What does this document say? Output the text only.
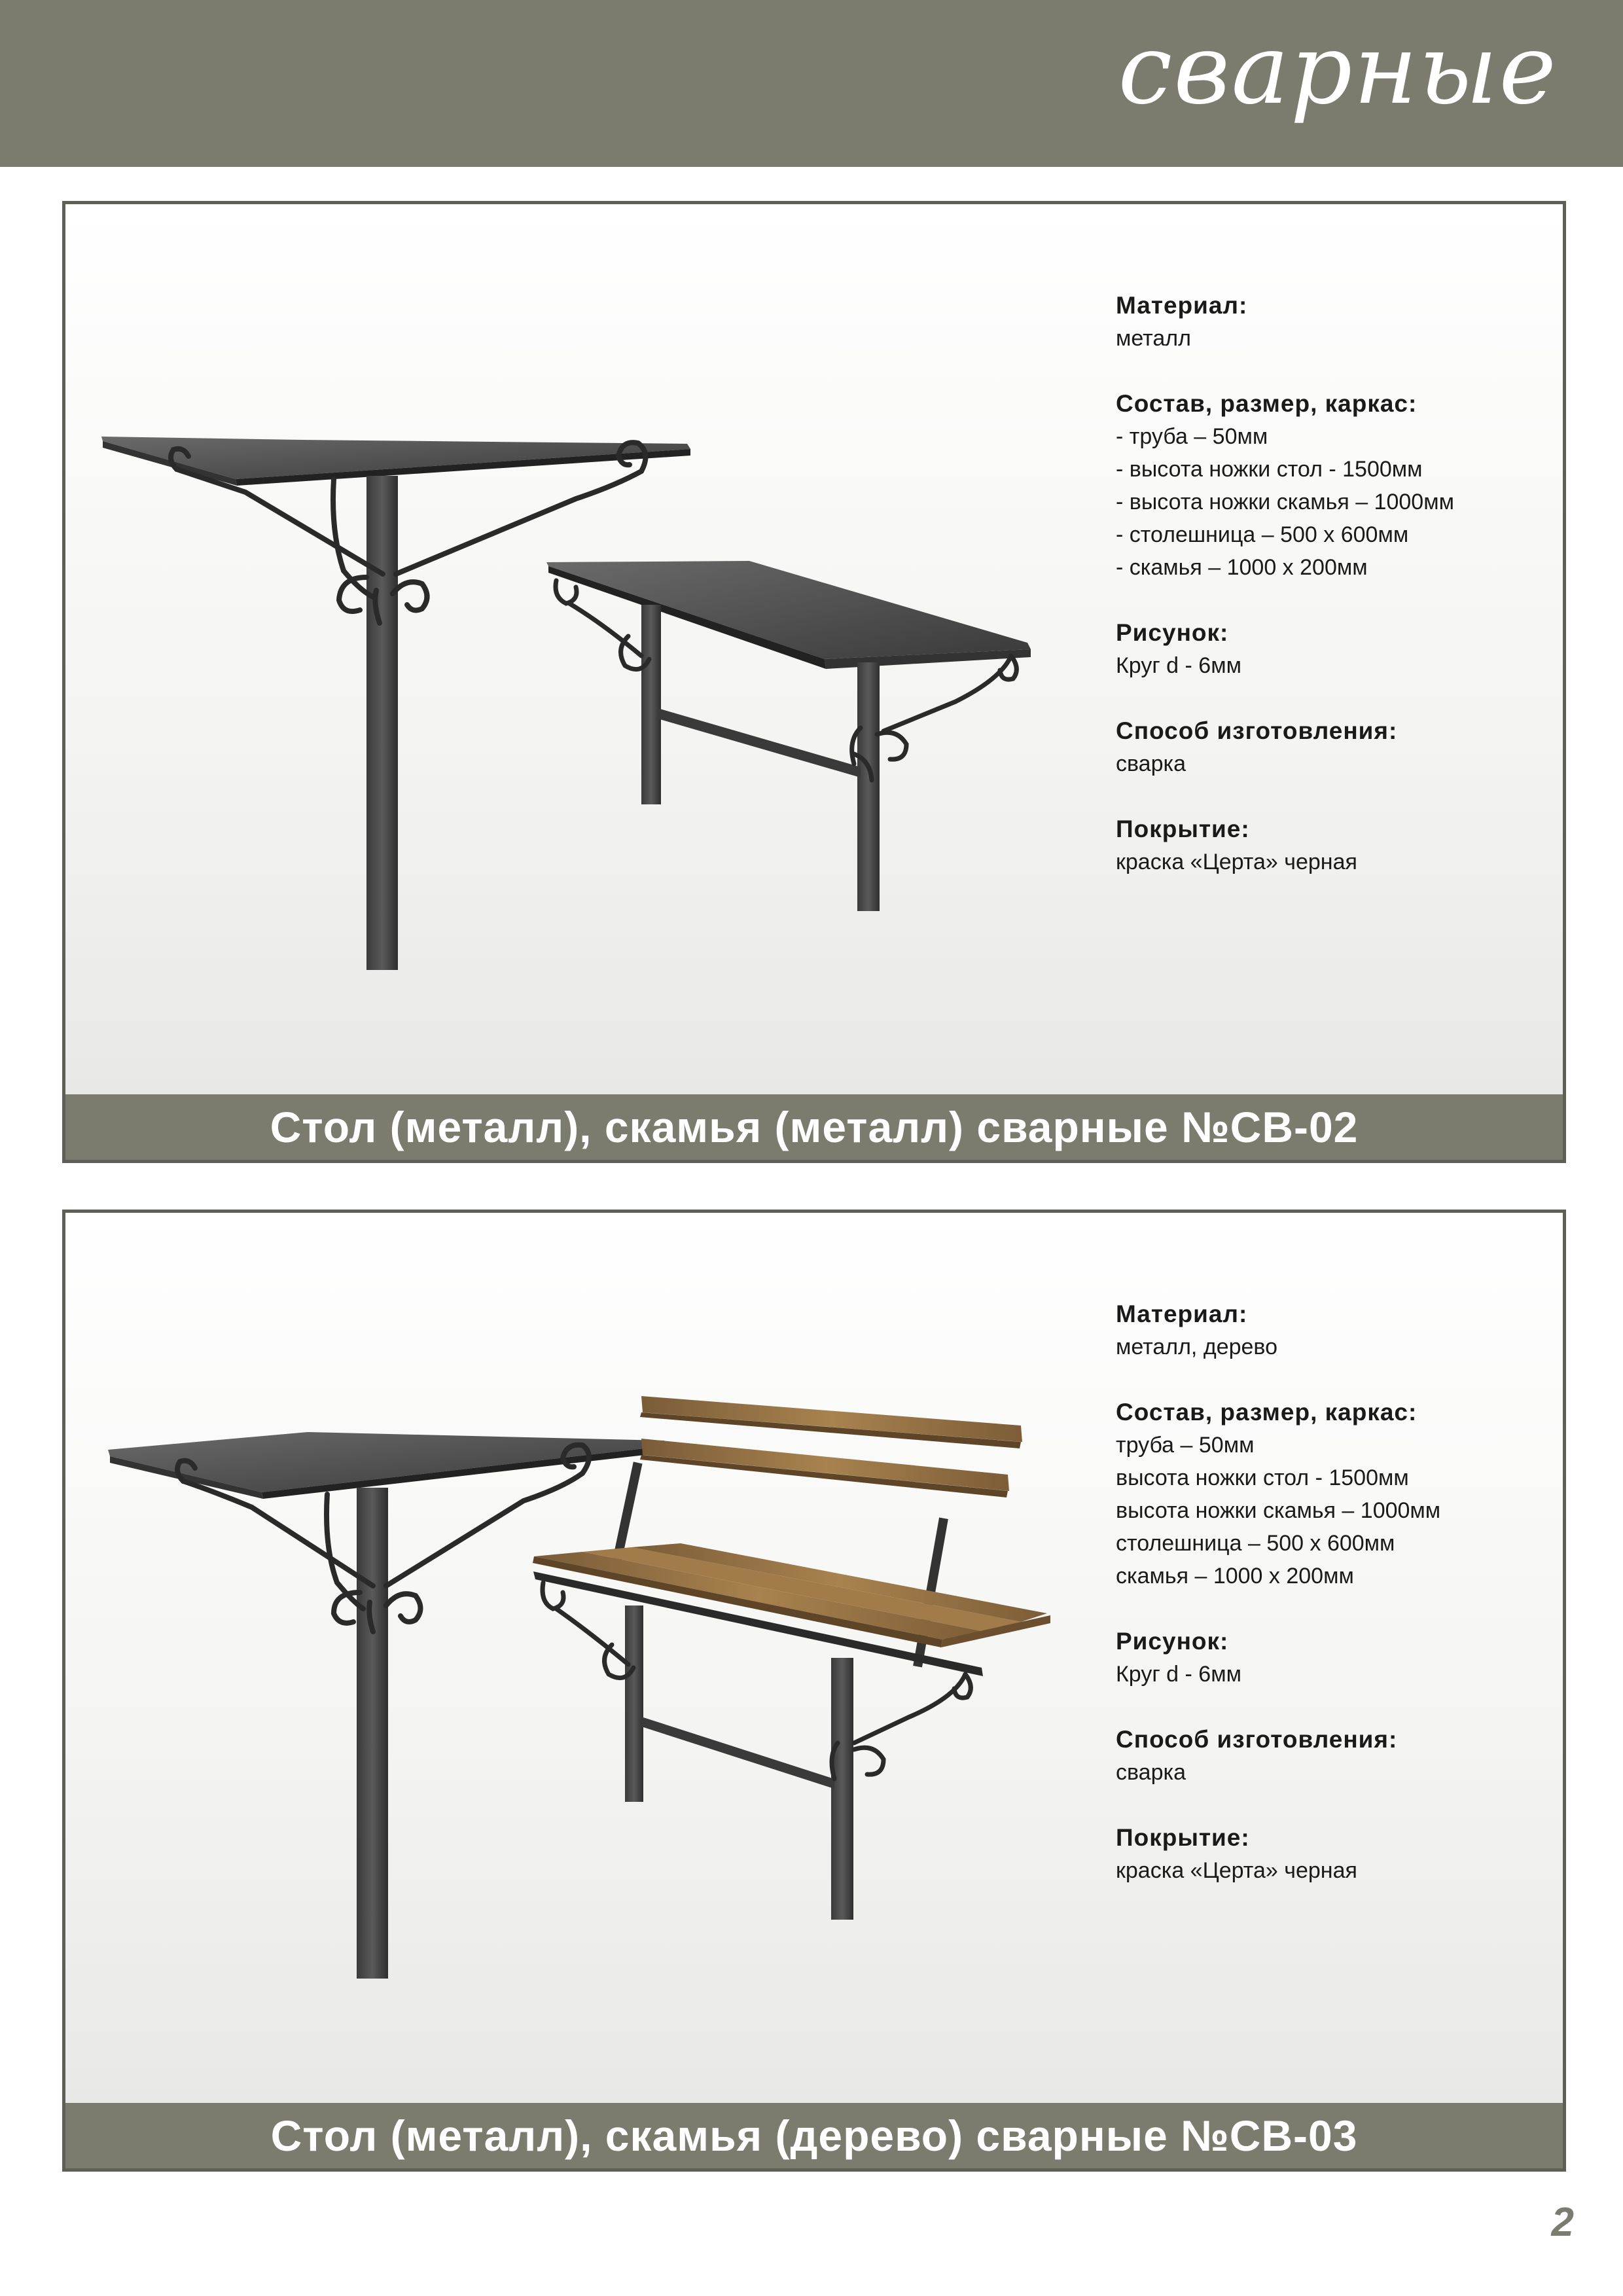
сварные
Материал:
металл
Состав, размер, каркас:
- труба – 50мм
- высота ножки стол - 1500мм
- высота ножки скамья – 1000мм
- столешница – 500 x 600мм
- скамья – 1000 x 200мм
Рисунок:
Круг d - 6мм
Способ изготовления:
сварка
Покрытие:
краска «Церта» черная
Стол (металл), скамья (металл) сварные №СВ-02
Материал:
металл, дерево
Состав, размер, каркас:
труба – 50мм
высота ножки стол - 1500мм
высота ножки скамья – 1000мм
столешница – 500 x 600мм
скамья – 1000 x 200мм
Рисунок:
Круг d - 6мм
Способ изготовления:
сварка
Покрытие:
краска «Церта» черная
Стол (металл), скамья (дерево) сварные №СВ-03
2
